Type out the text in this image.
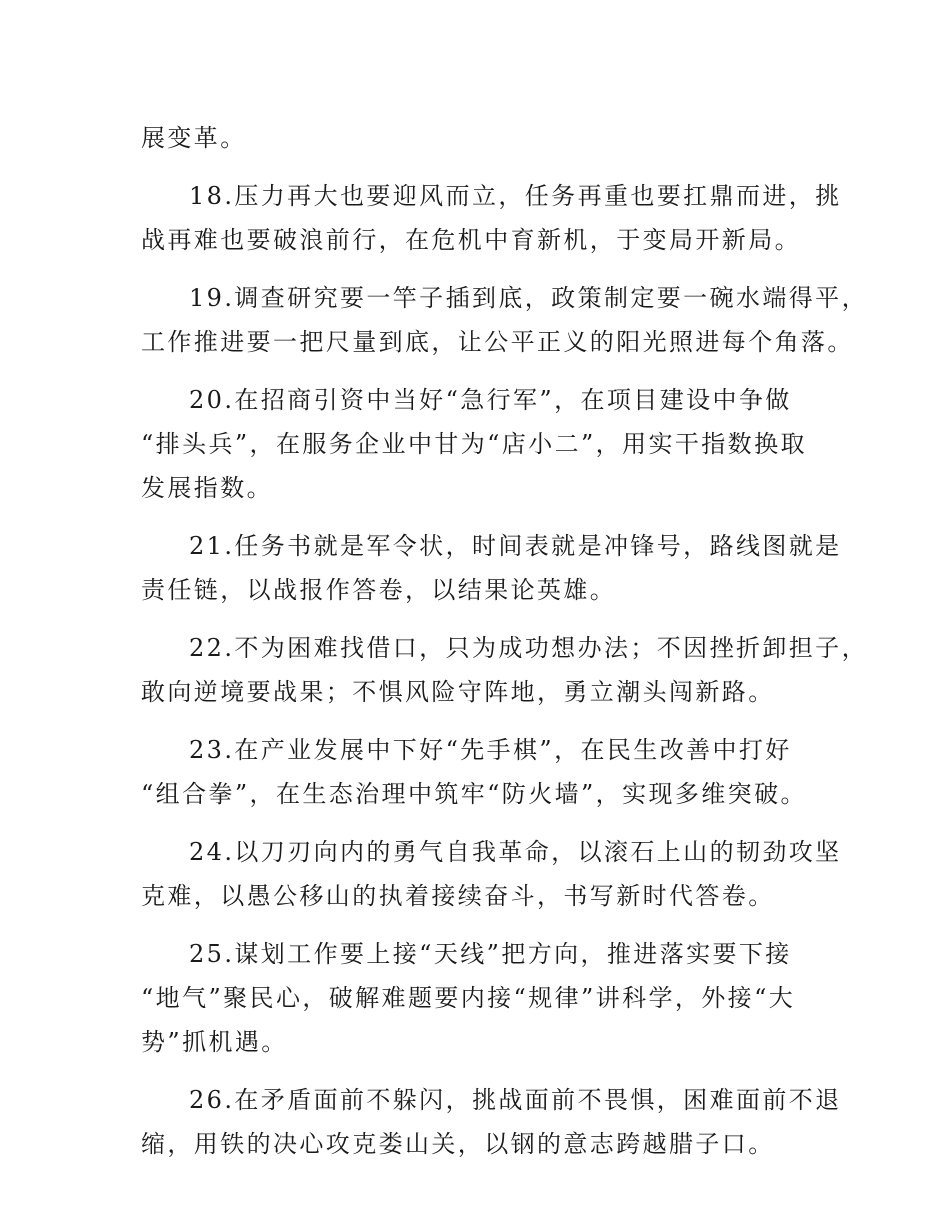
展变革。
18.压力再大也要迎风而立，任务再重也要扛鼎而进，挑
战再难也要破浪前行，在危机中育新机，于变局开新局。
19.调查研究要一竿子插到底，政策制定要一碗水端得平，
工作推进要一把尺量到底，让公平正义的阳光照进每个角落。
20.在招商引资中当好“急行军”，在项目建设中争做
“排头兵”，在服务企业中甘为“店小二”，用实干指数换取
发展指数。
21.任务书就是军令状，时间表就是冲锋号，路线图就是
责任链，以战报作答卷，以结果论英雄。
22.不为困难找借口，只为成功想办法；不因挫折卸担子，
敢向逆境要战果；不惧风险守阵地，勇立潮头闯新路。
23.在产业发展中下好“先手棋”，在民生改善中打好
“组合拳”，在生态治理中筑牢“防火墙”，实现多维突破。
24.以刀刃向内的勇气自我革命，以滚石上山的韧劲攻坚
克难，以愚公移山的执着接续奋斗，书写新时代答卷。
25.谋划工作要上接“天线”把方向，推进落实要下接
“地气”聚民心，破解难题要内接“规律”讲科学，外接“大
势”抓机遇。
26.在矛盾面前不躲闪，挑战面前不畏惧，困难面前不退
缩，用铁的决心攻克娄山关，以钢的意志跨越腊子口。
